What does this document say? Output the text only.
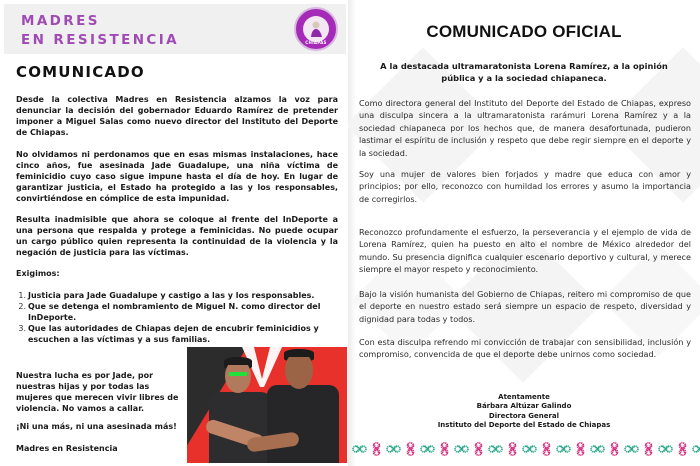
MADRES
EN RESISTENCIA	CHIAPAS
COMUNICADO

Desde la colectiva Madres en Resistencia alzamos la voz para denunciar la decisión del gobernador Eduardo Ramírez de pretender imponer a Miguel Salas como nuevo director del Instituto del Deporte de Chiapas.

No olvidamos ni perdonamos que en esas mismas instalaciones, hace cinco años, fue asesinada Jade Guadalupe, una niña víctima de feminicidio cuyo caso sigue impune hasta el día de hoy. En lugar de garantizar justicia, el Estado ha protegido a las y los responsables, convirtiéndose en cómplice de esta impunidad.

Resulta inadmisible que ahora se coloque al frente del InDeporte a una persona que respalda y protege a feminicidas. No puede ocupar un cargo público quien representa la continuidad de la violencia y la negación de justicia para las víctimas.

Exigimos:

1. Justicia para Jade Guadalupe y castigo a las y los responsables.
2. Que se detenga el nombramiento de Miguel N. como director del InDeporte.
3. Que las autoridades de Chiapas dejen de encubrir feminicidios y escuchen a las víctimas y a sus familias.

Nuestra lucha es por Jade, por nuestras hijas y por todas las mujeres que merecen vivir libres de violencia. No vamos a callar.

¡Ni una más, ni una asesinada más!

Madres en Resistencia

COMUNICADO OFICIAL
A la destacada ultramaratonista Lorena Ramírez, a la opinión pública y a la sociedad chiapaneca.

Como directora general del Instituto del Deporte del Estado de Chiapas, expreso una disculpa sincera a la ultramaratonista rarámuri Lorena Ramírez y a la sociedad chiapaneca por los hechos que, de manera desafortunada, pudieron lastimar el espíritu de inclusión y respeto que debe regir siempre en el deporte y la sociedad.

Soy una mujer de valores bien forjados y madre que educa con amor y principios; por ello, reconozco con humildad los errores y asumo la importancia de corregirlos.

Reconozco profundamente el esfuerzo, la perseverancia y el ejemplo de vida de Lorena Ramírez, quien ha puesto en alto el nombre de México alrededor del mundo. Su presencia dignifica cualquier escenario deportivo y cultural, y merece siempre el mayor respeto y reconocimiento.

Bajo la visión humanista del Gobierno de Chiapas, reitero mi compromiso de que el deporte en nuestro estado será siempre un espacio de respeto, diversidad y dignidad para todas y todos.

Con esta disculpa refrendo mi convicción de trabajar con sensibilidad, inclusión y compromiso, convencida de que el deporte debe unirnos como sociedad.

Atentamente
Bárbara Altúzar Galindo
Directora General
Instituto del Deporte del Estado de Chiapas
